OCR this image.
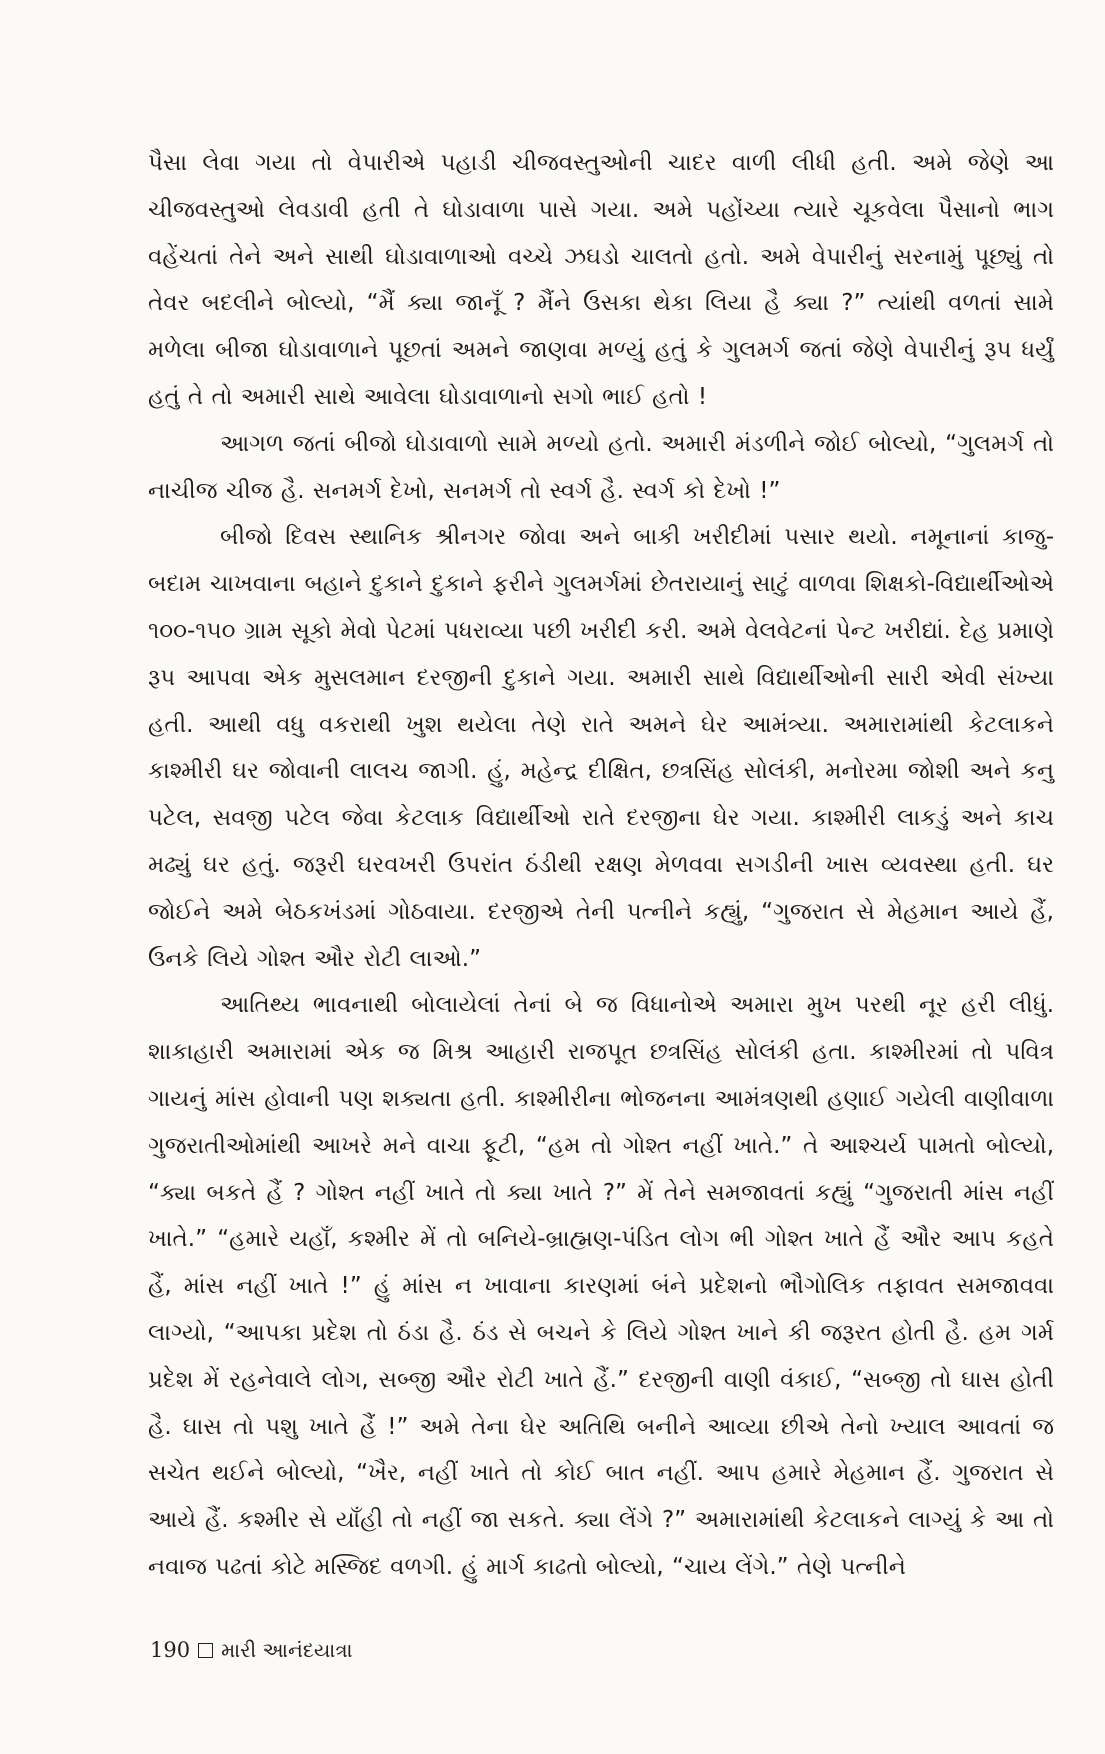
પૈસા લેવા ગયા તો વેપારીએ પહાડી ચીજવસ્તુઓની ચાદર વાળી લીધી હતી. અમે જેણે આ ચીજવસ્તુઓ લેવડાવી હતી તે ઘોડાવાળા પાસે ગયા. અમે પહોંચ્યા ત્યારે ચૂકવેલા પૈસાનો ભાગ વહેંચતાં તેને અને સાથી ઘોડાવાળાઓ વચ્ચે ઝઘડો ચાલતો હતો. અમે વેપારીનું સરનામું પૂછ્યું તો તેવર બદલીને બોલ્યો, “મૈં ક્યા જાનૂઁ ? મૈંને ઉસકા થેકા લિયા હૈ ક્યા ?” ત્યાંથી વળતાં સામે મળેલા બીજા ઘોડાવાળાને પૂછતાં અમને જાણવા મળ્યું હતું કે ગુલમર્ગ જતાં જેણે વેપારીનું રૂપ ધર્યું હતું તે તો અમારી સાથે આવેલા ઘોડાવાળાનો સગો ભાઈ હતો !

આગળ જતાં બીજો ઘોડાવાળો સામે મળ્યો હતો. અમારી મંડળીને જોઈ બોલ્યો, “ગુલમર્ગ તો નાચીજ ચીજ હૈ. સનમર્ગ દેખો, સનમર્ગ તો સ્વર્ગ હૈ. સ્વર્ગ કો દેખો !”

બીજો દિવસ સ્થાનિક શ્રીનગર જોવા અને બાકી ખરીદીમાં પસાર થયો. નમૂનાનાં કાજુ-બદામ ચાખવાના બહાને દુકાને દુકાને ફરીને ગુલમર્ગમાં છેતરાયાનું સાટું વાળવા શિક્ષકો-વિદ્યાર્થીઓએ ૧૦૦-૧૫૦ ગ્રામ સૂકો મેવો પેટમાં પધરાવ્યા પછી ખરીદી કરી. અમે વેલવેટનાં પેન્ટ ખરીદ્યાં. દેહ પ્રમાણે રૂપ આપવા એક મુસલમાન દરજીની દુકાને ગયા. અમારી સાથે વિદ્યાર્થીઓની સારી એવી સંખ્યા હતી. આથી વધુ વકરાથી ખુશ થયેલા તેણે રાતે અમને ઘેર આમંત્ર્યા. અમારામાંથી કેટલાકને કાશ્મીરી ઘર જોવાની લાલચ જાગી. હું, મહેન્દ્ર દીક્ષિત, છત્રસિંહ સોલંકી, મનોરમા જોશી અને કનુ પટેલ, સવજી પટેલ જેવા કેટલાક વિદ્યાર્થીઓ રાતે દરજીના ઘેર ગયા. કાશ્મીરી લાકડું અને કાચ મઢ્યું ઘર હતું. જરૂરી ઘરવખરી ઉપરાંત ઠંડીથી રક્ષણ મેળવવા સગડીની ખાસ વ્યવસ્થા હતી. ઘર જોઈને અમે બેઠકખંડમાં ગોઠવાયા. દરજીએ તેની પત્નીને કહ્યું, “ગુજરાત સે મેહમાન આયે હૈં, ઉનકે લિયે ગોશ્ત ઔર રોટી લાઓ.”

આતિથ્ય ભાવનાથી બોલાયેલાં તેનાં બે જ વિધાનોએ અમારા મુખ પરથી નૂર હરી લીધું. શાકાહારી અમારામાં એક જ મિશ્ર આહારી રાજપૂત છત્રસિંહ સોલંકી હતા. કાશ્મીરમાં તો પવિત્ર ગાયનું માંસ હોવાની પણ શક્યતા હતી. કાશ્મીરીના ભોજનના આમંત્રણથી હણાઈ ગયેલી વાણીવાળા ગુજરાતીઓમાંથી આખરે મને વાચા ફૂટી, “હમ તો ગોશ્ત નહીં ખાતે.” તે આશ્ચર્ય પામતો બોલ્યો, “ક્યા બકતે હૈં ? ગોશ્ત નહીં ખાતે તો ક્યા ખાતે ?” મેં તેને સમજાવતાં કહ્યું “ગુજરાતી માંસ નહીં ખાતે.” “હમારે યહાઁ, કશ્મીર મેં તો બનિયે-બ્રાહ્મણ-પંડિત લોગ ભી ગોશ્ત ખાતે હૈં ઔર આપ કહતે હૈં, માંસ નહીં ખાતે !” હું માંસ ન ખાવાના કારણમાં બંને પ્રદેશનો ભૌગોલિક તફાવત સમજાવવા લાગ્યો, “આપકા પ્રદેશ તો ઠંડા હૈ. ઠંડ સે બચને કે લિયે ગોશ્ત ખાને કી જરૂરત હોતી હૈ. હમ ગર્મ પ્રદેશ મેં રહનેવાલે લોગ, સબ્જી ઔર રોટી ખાતે હૈં.” દરજીની વાણી વંકાઈ, “સબ્જી તો ઘાસ હોતી હૈ. ઘાસ તો પશુ ખાતે હૈં !” અમે તેના ઘેર અતિથિ બનીને આવ્યા છીએ તેનો ખ્યાલ આવતાં જ સચેત થઈને બોલ્યો, “ખૈર, નહીં ખાતે તો કોઈ બાત નહીં. આપ હમારે મેહમાન હૈં. ગુજરાત સે આયે હૈં. કશ્મીર સે યાઁહી તો નહીં જા સકતે. ક્યા લેંગે ?” અમારામાંથી કેટલાકને લાગ્યું કે આ તો નવાજ પઢતાં કોટે મસ્જિદ વળગી. હું માર્ગ કાઢતો બોલ્યો, “ચાય લેંગે.” તેણે પત્નીને

190 મારી આનંદયાત્રા
